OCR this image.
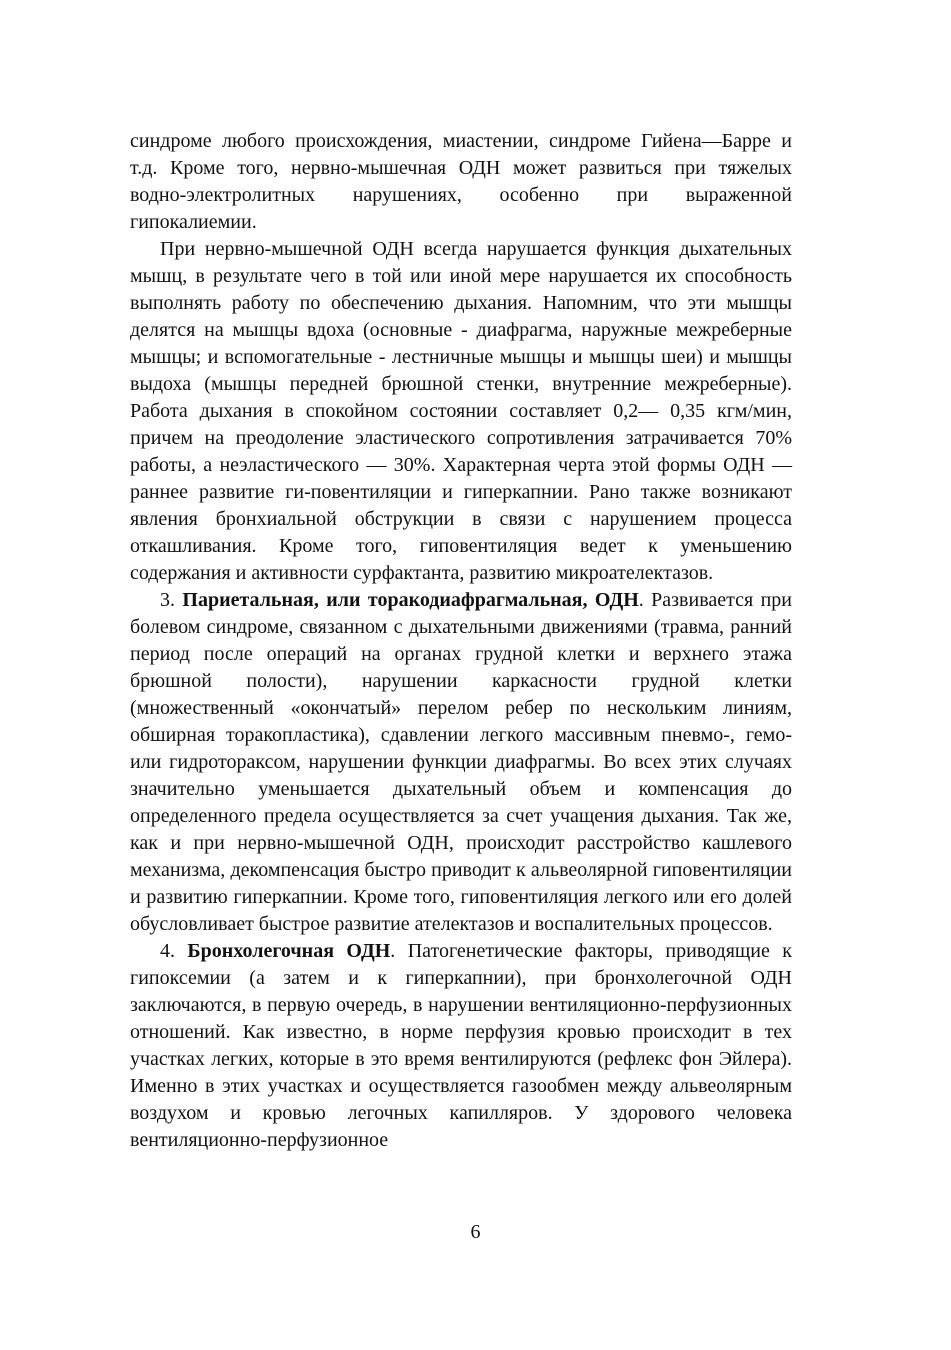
синдроме любого происхождения, миастении, синдроме Гийена—Барре и т.д. Кроме того, нервно-мышечная ОДН может развиться при тяжелых водно-электролитных нарушениях, особенно при выраженной гипокалиемии.

При нервно-мышечной ОДН всегда нарушается функция дыхательных мышц, в результате чего в той или иной мере нарушается их способность выполнять работу по обеспечению дыхания. Напомним, что эти мышцы делятся на мышцы вдоха (основные - диафрагма, наружные межреберные мышцы; и вспомогательные - лестничные мышцы и мышцы шеи) и мышцы выдоха (мышцы передней брюшной стенки, внутренние межреберные). Работа дыхания в спокойном состоянии составляет 0,2— 0,35 кгм/мин, причем на преодоление эластического сопротивления затрачивается 70% работы, а неэластического — 30%. Характерная черта этой формы ОДН — раннее развитие ги-повентиляции и гиперкапнии. Рано также возникают явления бронхиальной обструкции в связи с нарушением процесса откашливания. Кроме того, гиповентиляция ведет к уменьшению содержания и активности сурфактанта, развитию микроателектазов.

3. Париетальная, или торакодиафрагмальная, ОДН. Развивается при болевом синдроме, связанном с дыхательными движениями (травма, ранний период после операций на органах грудной клетки и верхнего этажа брюшной полости), нарушении каркасности грудной клетки (множественный «окончатый» перелом ребер по нескольким линиям, обширная торакопластика), сдавлении легкого массивным пневмо-, гемо- или гидротораксом, нарушении функции диафрагмы. Во всех этих случаях значительно уменьшается дыхательный объем и компенсация до определенного предела осуществляется за счет учащения дыхания. Так же, как и при нервно-мышечной ОДН, происходит расстройство кашлевого механизма, декомпенсация быстро приводит к альвеолярной гиповентиляции и развитию гиперкапнии. Кроме того, гиповентиляция легкого или его долей обусловливает быстрое развитие ателектазов и воспалительных процессов.

4. Бронхолегочная ОДН. Патогенетические факторы, приводящие к гипоксемии (а затем и к гиперкапнии), при бронхолегочной ОДН заключаются, в первую очередь, в нарушении вентиляционно-перфузионных отношений. Как известно, в норме перфузия кровью происходит в тех участках легких, которые в это время вентилируются (рефлекс фон Эйлера). Именно в этих участках и осуществляется газообмен между альвеолярным воздухом и кровью легочных капилляров. У здорового человека вентиляционно-перфузионное

6
